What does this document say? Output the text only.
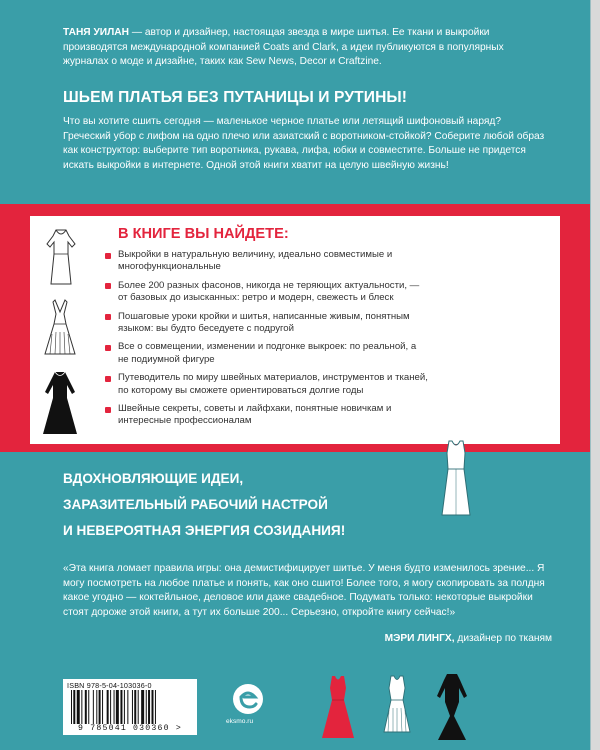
ТАНЯ УИЛАН — автор и дизайнер, настоящая звезда в мире шитья. Ее ткани и выкройки производятся международной компанией Coats and Clark, а идеи публикуются в популярных журналах о моде и дизайне, таких как Sew News, Decor и Craftzine.

ШЬЕМ ПЛАТЬЯ БЕЗ ПУТАНИЦЫ И РУТИНЫ!

Что вы хотите сшить сегодня — маленькое черное платье или летящий шифоновый наряд? Греческий убор с лифом на одно плечо или азиатский с воротником-стойкой? Соберите любой образ как конструктор: выберите тип воротника, рукава, лифа, юбки и совместите. Больше не придется искать выкройки в интернете. Одной этой книги хватит на целую швейную жизнь!

В КНИГЕ ВЫ НАЙДЕТЕ:
Выкройки в натуральную величину, идеально совместимые и многофункциональные
Более 200 разных фасонов, никогда не теряющих актуальности, — от базовых до изысканных: ретро и модерн, свежесть и блеск
Пошаговые уроки кройки и шитья, написанные живым, понятным языком: вы будто беседуете с подругой
Все о совмещении, изменении и подгонке выкроек: по реальной, а не подиумной фигуре
Путеводитель по миру швейных материалов, инструментов и тканей, по которому вы сможете ориентироваться долгие годы
Швейные секреты, советы и лайфхаки, понятные новичкам и интересные профессионалам
ВДОХНОВЛЯЮЩИЕ ИДЕИ,
ЗАРАЗИТЕЛЬНЫЙ РАБОЧИЙ НАСТРОЙ
И НЕВЕРОЯТНАЯ ЭНЕРГИЯ СОЗИДАНИЯ!

«Эта книга ломает правила игры: она демистифицирует шитье. У меня будто изменилось зрение... Я могу посмотреть на любое платье и понять, как оно сшито! Более того, я могу скопировать за полдня какое угодно — коктейльное, деловое или даже свадебное. Подумать только: некоторые выкройки стоят дороже этой книги, а тут их больше 200... Серьезно, откройте книгу сейчас!»

МЭРИ ЛИНГХ, дизайнер по тканям

ISBN 978-5-04-103036-0
9 785041 030360 >
eksmo.ru
